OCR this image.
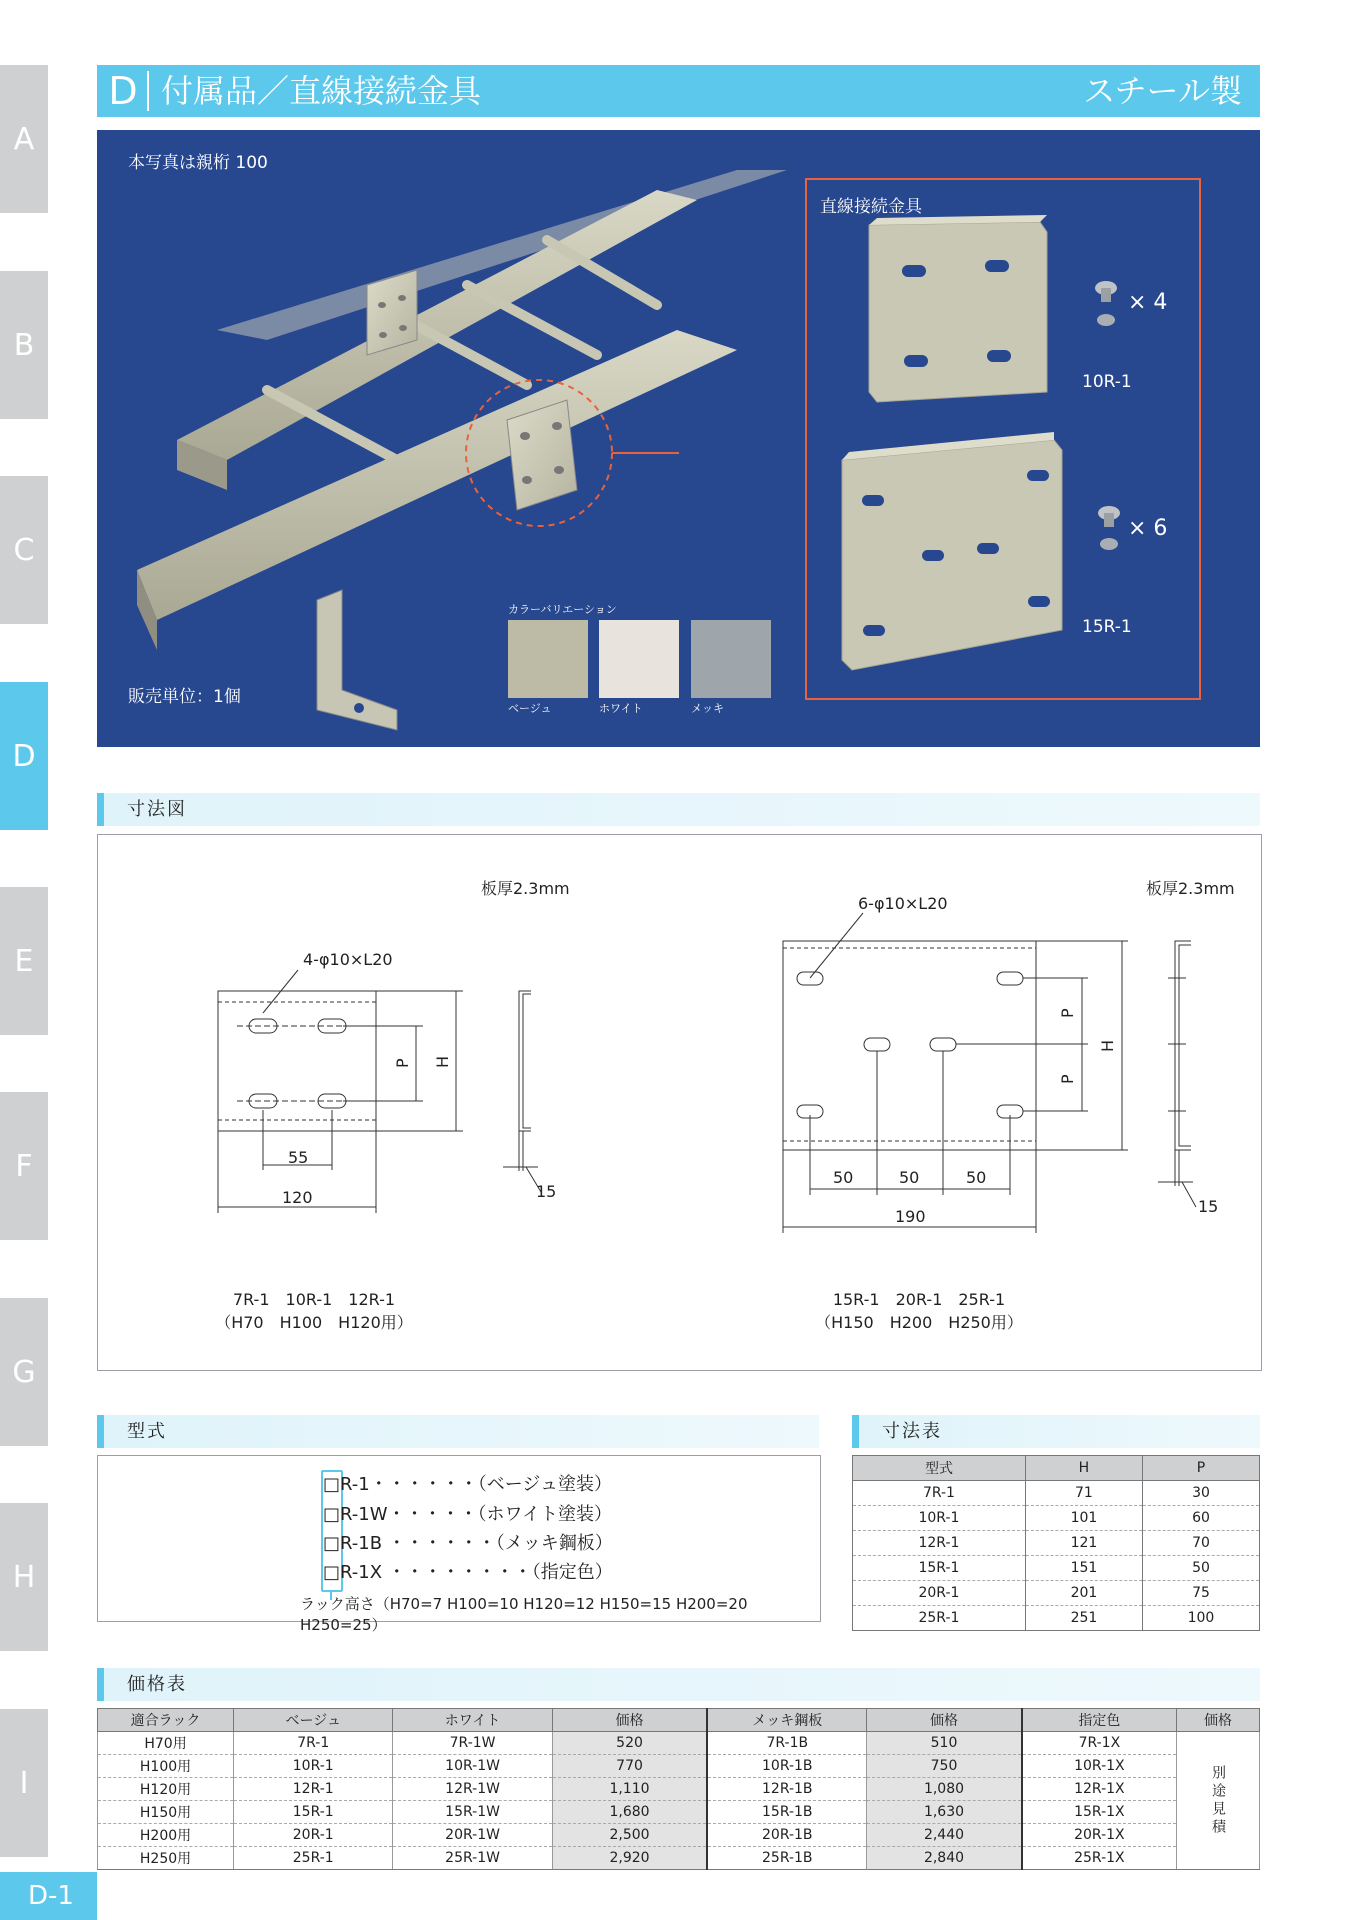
A
B
C
D
E
F
G
H
I
D 付属品／直線接続金具	スチール製
本写真は親桁 100
販売単位：1個
直線接続金具
× 4
10R-1
× 6
15R-1
カラーバリエーション
ベージュ	ホワイト	メッキ
寸法図
板厚2.3mm
4-φ10×L20
55
120	15
P H
7R-1　10R-1　12R-1
（H70　H100　H120用）
板厚2.3mm
6-φ10×L20
50	50	50
190
15
P
P
H
15R-1　20R-1　25R-1
（H150　H200　H250用）
型式
□R-1・・・・・・（ベージュ塗装）
□R-1W・・・・・（ホワイト塗装）
□R-1B ・・・・・・（メッキ鋼板）
□R-1X ・・・・・・・・（指定色）
ラック高さ（H70=7 H100=10 H120=12 H150=15 H200=20 H250=25）
寸法表
型式	H	P
7R-1	71	30
10R-1	101	60
12R-1	121	70
15R-1	151	50
20R-1	201	75
25R-1	251	100
価格表
適合ラック	ベージュ	ホワイト	価格	メッキ鋼板	価格	指定色	価格
H70用	7R-1	7R-1W	520	7R-1B	510	7R-1X	別途見積
H100用	10R-1	10R-1W	770	10R-1B	750	10R-1X	
H120用	12R-1	12R-1W	1,110	12R-1B	1,080	12R-1X	
H150用	15R-1	15R-1W	1,680	15R-1B	1,630	15R-1X	
H200用	20R-1	20R-1W	2,500	20R-1B	2,440	20R-1X	
H250用	25R-1	25R-1W	2,920	25R-1B	2,840	25R-1X	
D-1
